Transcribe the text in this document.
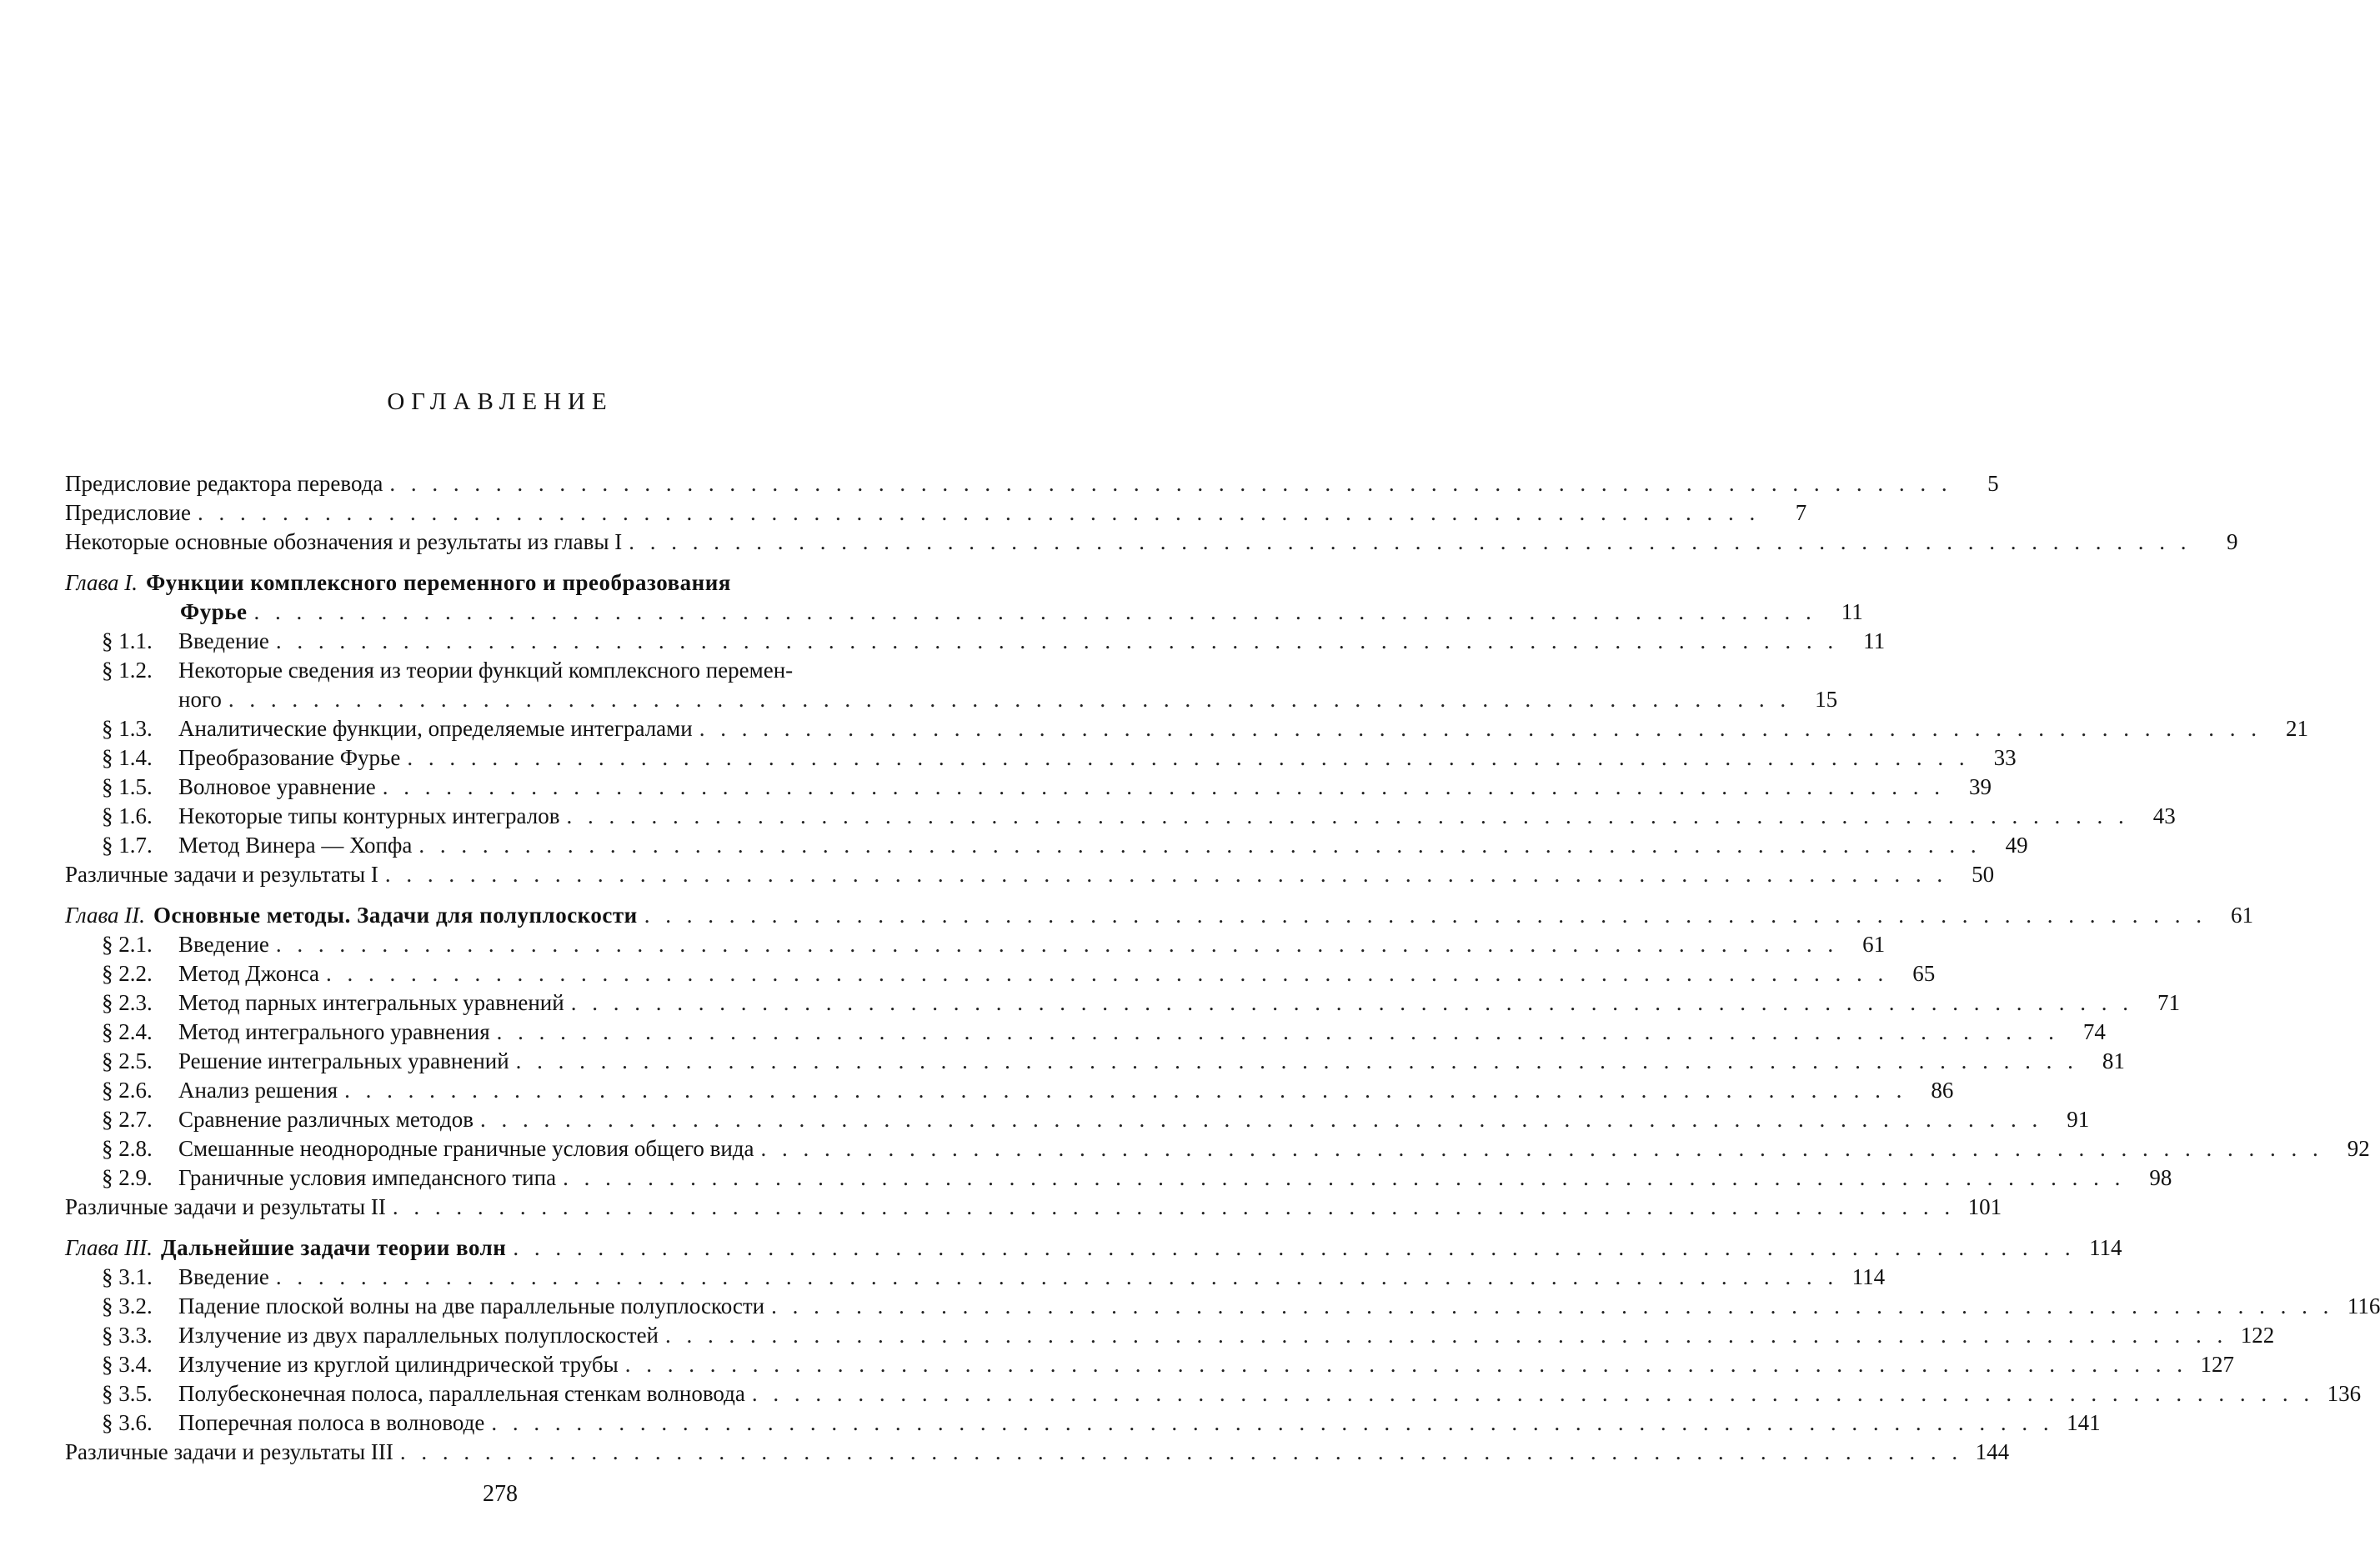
ОГЛАВЛЕНИЕ
Предисловие редактора перевода . . .	5
Предисловие . . .	7
Некоторые основные обозначения и результаты из главы I . . .	9
Глава I. Функции комплексного переменного и преобразования
Фурье . . .	11
§ 1.1.	Введение . . .	11
§ 1.2.	Некоторые сведения из теории функций комплексного перемен-
ного . . .	15
§ 1.3.	Аналитические функции, определяемые интегралами . . .	21
§ 1.4.	Преобразование Фурье . . .	33
§ 1.5.	Волновое уравнение . . .	39
§ 1.6.	Некоторые типы контурных интегралов . . .	43
§ 1.7.	Метод Винера — Хопфа . . .	49
Различные задачи и результаты I . . .	50
Глава II. Основные методы. Задачи для полуплоскости . . .	61
§ 2.1.	Введение . . .	61
§ 2.2.	Метод Джонса . . .	65
§ 2.3.	Метод парных интегральных уравнений . . .	71
§ 2.4.	Метод интегрального уравнения . . .	74
§ 2.5.	Решение интегральных уравнений . . .	81
§ 2.6.	Анализ решения . . .	86
§ 2.7.	Сравнение различных методов . . .	91
§ 2.8.	Смешанные неоднородные граничные условия общего вида . . .	92
§ 2.9.	Граничные условия импедансного типа . . .	98
Различные задачи и результаты II . . .	101
Глава III. Дальнейшие задачи теории волн . . .	114
§ 3.1.	Введение . . .	114
§ 3.2.	Падение плоской волны на две параллельные полуплоскости . . .	116
§ 3.3.	Излучение из двух параллельных полуплоскостей . . .	122
§ 3.4.	Излучение из круглой цилиндрической трубы . . .	127
§ 3.5.	Полубесконечная полоса, параллельная стенкам волновода . . .	136
§ 3.6.	Поперечная полоса в волноводе . . .	141
Различные задачи и результаты III . . .	144
278
